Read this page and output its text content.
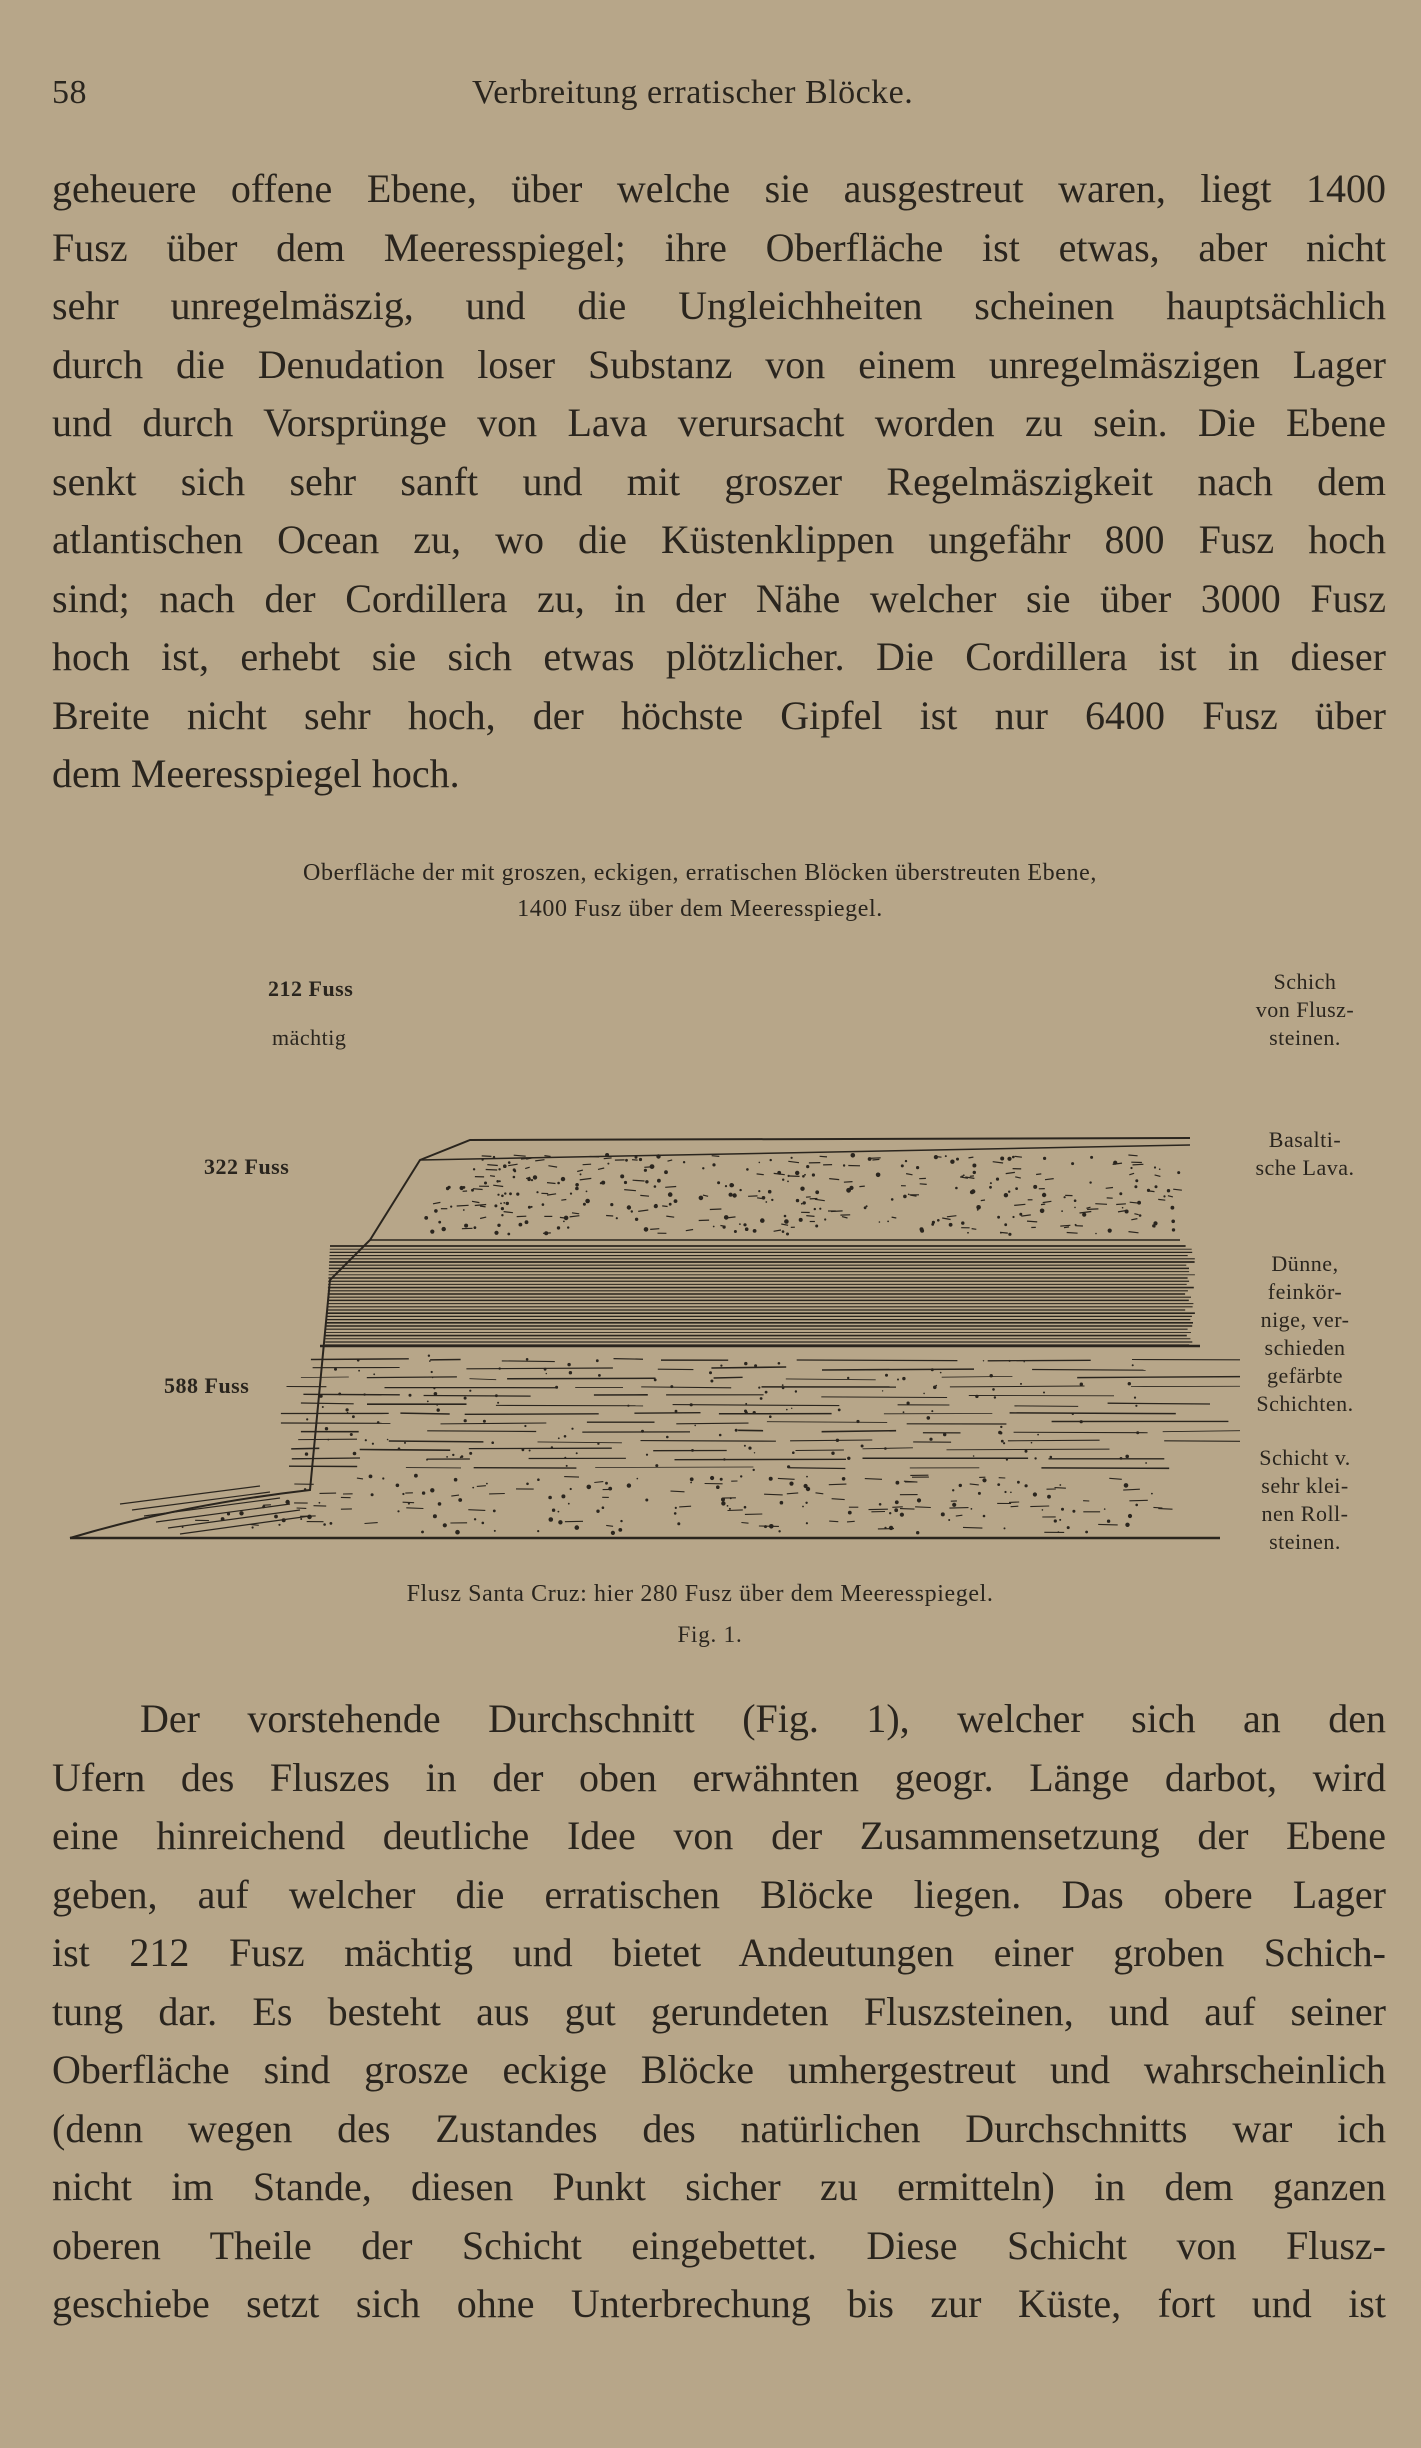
58	Verbreitung erratischer Blöcke.
geheuere offene Ebene, über welche sie ausgestreut waren, liegt 1400
Fusz über dem Meeresspiegel; ihre Oberfläche ist etwas, aber nicht
sehr unregelmäszig, und die Ungleichheiten scheinen hauptsächlich
durch die Denudation loser Substanz von einem unregelmäszigen Lager
und durch Vorsprünge von Lava verursacht worden zu sein. Die Ebene
senkt sich sehr sanft und mit groszer Regelmäszigkeit nach dem
atlantischen Ocean zu, wo die Küstenklippen ungefähr 800 Fusz hoch
sind; nach der Cordillera zu, in der Nähe welcher sie über 3000 Fusz
hoch ist, erhebt sie sich etwas plötzlicher. Die Cordillera ist in dieser
Breite nicht sehr hoch, der höchste Gipfel ist nur 6400 Fusz über
dem Meeresspiegel hoch.
Oberfläche der mit groszen, eckigen, erratischen Blöcken überstreuten Ebene,
1400 Fusz über dem Meeresspiegel.
212 Fuss
mächtig
322 Fuss
588 Fuss
Schich
von Flusz-
steinen.
Basalti-
sche Lava.
Dünne,
feinkör-
nige, ver-
schieden
gefärbte
Schichten.
Schicht v.
sehr klei-
nen Roll-
steinen.
Flusz Santa Cruz: hier 280 Fusz über dem Meeresspiegel.
Fig. 1.
Der vorstehende Durchschnitt (Fig. 1), welcher sich an den
Ufern des Fluszes in der oben erwähnten geogr. Länge darbot, wird
eine hinreichend deutliche Idee von der Zusammensetzung der Ebene
geben, auf welcher die erratischen Blöcke liegen. Das obere Lager
ist 212 Fusz mächtig und bietet Andeutungen einer groben Schich-
tung dar. Es besteht aus gut gerundeten Fluszsteinen, und auf seiner
Oberfläche sind grosze eckige Blöcke umhergestreut und wahrscheinlich
(denn wegen des Zustandes des natürlichen Durchschnitts war ich
nicht im Stande, diesen Punkt sicher zu ermitteln) in dem ganzen
oberen Theile der Schicht eingebettet. Diese Schicht von Flusz-
geschiebe setzt sich ohne Unterbrechung bis zur Küste, fort und ist
